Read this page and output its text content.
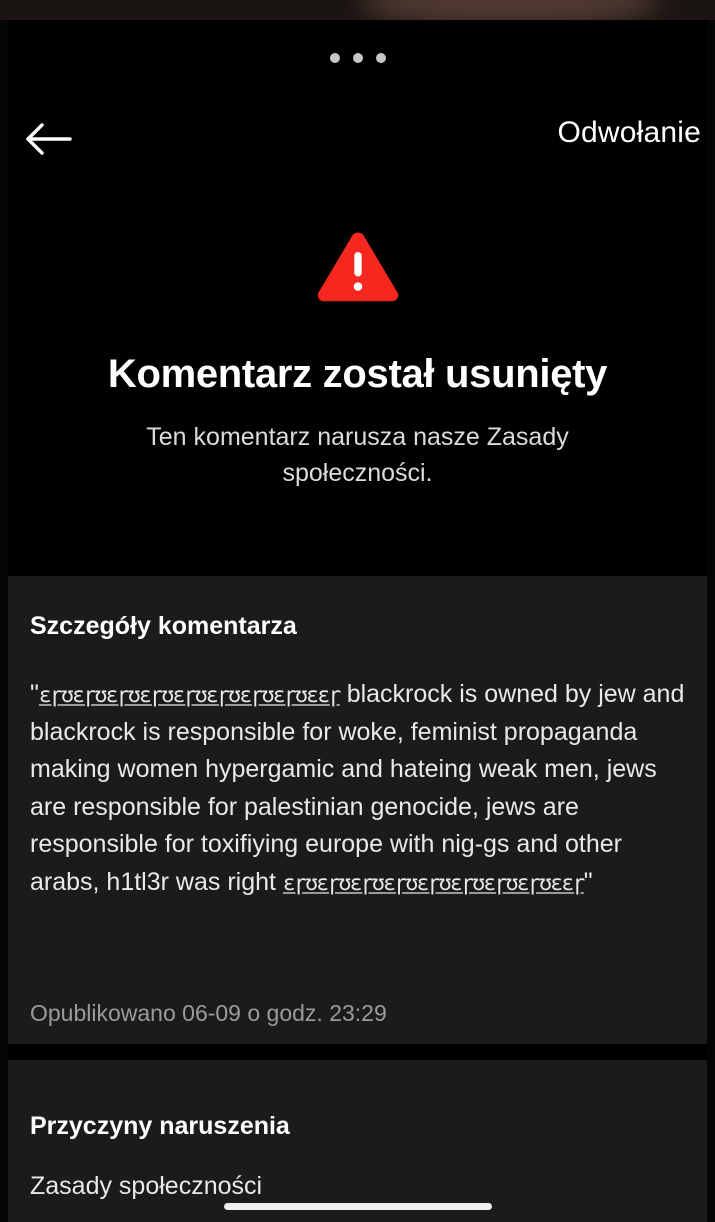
Odwołanie
Komentarz został usunięty
Ten komentarz narusza nasze Zasady społeczności.
Szczegóły komentarza
"ԑɼʊɛɼʊɛɼʊɛɼʊɛɼʊɛɼʊɛɼʊɛɼʊɛɛɼ blackrock is owned by jew and blackrock is responsible for woke, feminist propaganda making women hypergamic and hateing weak men, jews are responsible for palestinian genocide, jews are responsible for toxifiying europe with nig-gs and other arabs, h1tl3r was right ԑɼʊɛɼʊɛɼʊɛɼʊɛɼʊɛɼʊɛɼʊɛɼʊɛɛɼ"
Opublikowano 06-09 o godz. 23:29
Przyczyny naruszenia
Zasady społeczności
